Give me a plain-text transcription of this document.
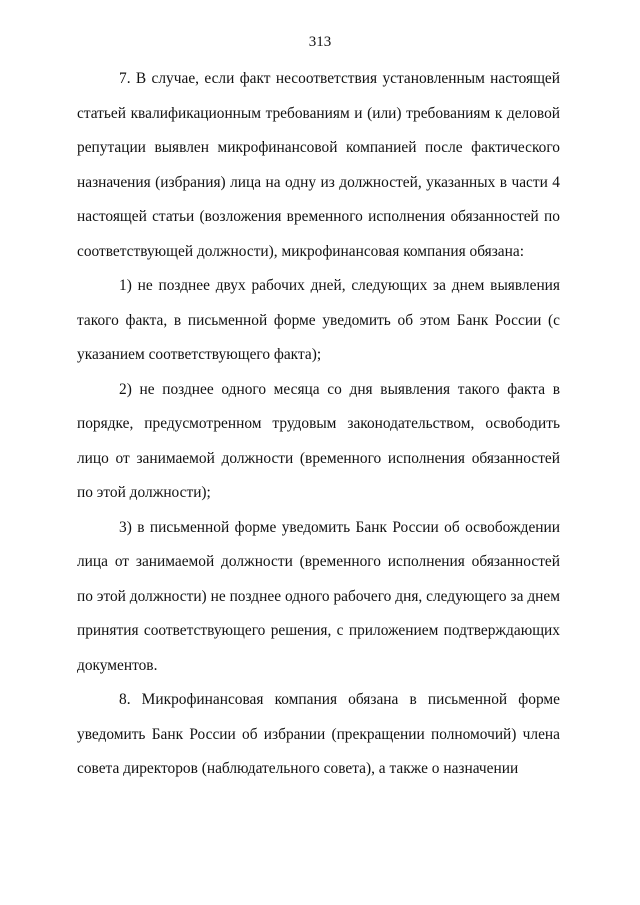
313

7. В случае, если факт несоответствия установленным настоящей статьей квалификационным требованиям и (или) требованиям к деловой репутации выявлен микрофинансовой компанией после фактического назначения (избрания) лица на одну из должностей, указанных в части 4 настоящей статьи (возложения временного исполнения обязанностей по соответствующей должности), микрофинансовая компания обязана:

1) не позднее двух рабочих дней, следующих за днем выявления такого факта, в письменной форме уведомить об этом Банк России (с указанием соответствующего факта);

2) не позднее одного месяца со дня выявления такого факта в порядке, предусмотренном трудовым законодательством, освободить лицо от занимаемой должности (временного исполнения обязанностей по этой должности);

3) в письменной форме уведомить Банк России об освобождении лица от занимаемой должности (временного исполнения обязанностей по этой должности) не позднее одного рабочего дня, следующего за днем принятия соответствующего решения, с приложением подтверждающих документов.

8. Микрофинансовая компания обязана в письменной форме уведомить Банк России об избрании (прекращении полномочий) члена совета директоров (наблюдательного совета), а также о назначении
